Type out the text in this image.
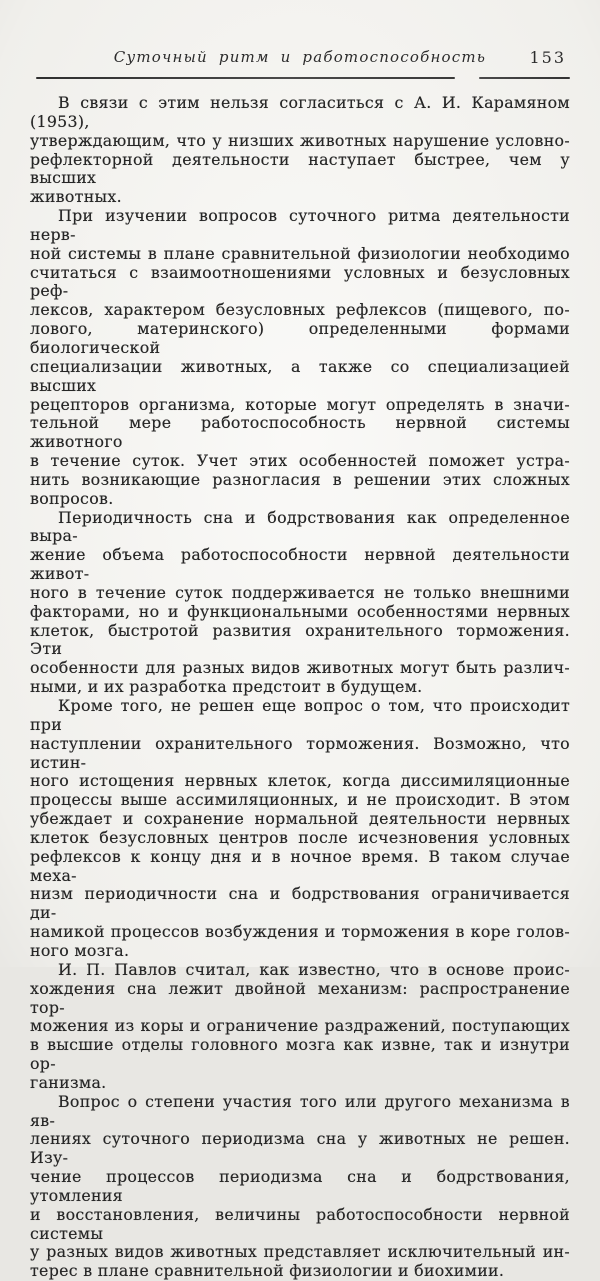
Суточный ритм и работоспособность	153

В связи с этим нельзя согласиться с А. И. Карамяном (1953),
утверждающим, что у низших животных нарушение условно-
рефлекторной деятельности наступает быстрее, чем у высших
животных.

При изучении вопросов суточного ритма деятельности нерв-
ной системы в плане сравнительной физиологии необходимо
считаться с взаимоотношениями условных и безусловных реф-
лексов, характером безусловных рефлексов (пищевого, по-
лового, материнского) определенными формами биологической
специализации животных, а также со специализацией высших
рецепторов организма, которые могут определять в значи-
тельной мере работоспособность нервной системы животного
в течение суток. Учет этих особенностей поможет устра-
нить возникающие разногласия в решении этих сложных
вопросов.

Периодичность сна и бодрствования как определенное выра-
жение объема работоспособности нервной деятельности живот-
ного в течение суток поддерживается не только внешними
факторами, но и функциональными особенностями нервных
клеток, быстротой развития охранительного торможения. Эти
особенности для разных видов животных могут быть различ-
ными, и их разработка предстоит в будущем.

Кроме того, не решен еще вопрос о том, что происходит при
наступлении охранительного торможения. Возможно, что истин-
ного истощения нервных клеток, когда диссимиляционные
процессы выше ассимиляционных, и не происходит. В этом
убеждает и сохранение нормальной деятельности нервных
клеток безусловных центров после исчезновения условных
рефлексов к концу дня и в ночное время. В таком случае меха-
низм периодичности сна и бодрствования ограничивается ди-
намикой процессов возбуждения и торможения в коре голов-
ного мозга.

И. П. Павлов считал, как известно, что в основе проис-
хождения сна лежит двойной механизм: распространение тор-
можения из коры и ограничение раздражений, поступающих
в высшие отделы головного мозга как извне, так и изнутри ор-
ганизма.

Вопрос о степени участия того или другого механизма в яв-
лениях суточного периодизма сна у животных не решен. Изу-
чение процессов периодизма сна и бодрствования, утомления
и восстановления, величины работоспособности нервной системы
у разных видов животных представляет исключительный ин-
терес в плане сравнительной физиологии и биохимии.
